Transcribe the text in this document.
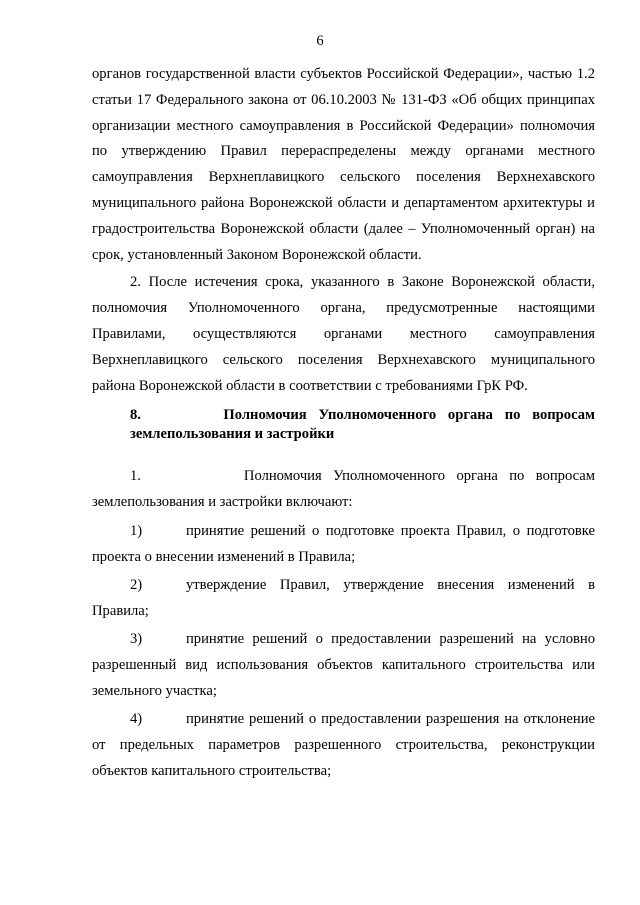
6

органов государственной власти субъектов Российской Федерации», частью 1.2 статьи 17 Федерального закона от 06.10.2003 № 131-ФЗ «Об общих принципах организации местного самоуправления в Российской Федерации» полномочия по утверждению Правил перераспределены между органами местного самоуправления Верхнеплавицкого сельского поселения Верхнехавского муниципального района Воронежской области и департаментом архитектуры и градостроительства Воронежской области (далее – Уполномоченный орган) на срок, установленный Законом Воронежской области.

2. После истечения срока, указанного в Законе Воронежской области, полномочия Уполномоченного органа, предусмотренные настоящими Правилами, осуществляются органами местного самоуправления Верхнеплавицкого сельского поселения Верхнехавского муниципального района Воронежской области в соответствии с требованиями ГрК РФ.

8.	Полномочия Уполномоченного органа по вопросам землепользования и застройки

1.	Полномочия Уполномоченного органа по вопросам землепользования и застройки включают:

1)	принятие решений о подготовке проекта Правил, о подготовке проекта о внесении изменений в Правила;

2)	утверждение Правил, утверждение внесения изменений в Правила;

3)	принятие решений о предоставлении разрешений на условно разрешенный вид использования объектов капитального строительства или земельного участка;

4)	принятие решений о предоставлении разрешения на отклонение от предельных параметров разрешенного строительства, реконструкции объектов капитального строительства;
